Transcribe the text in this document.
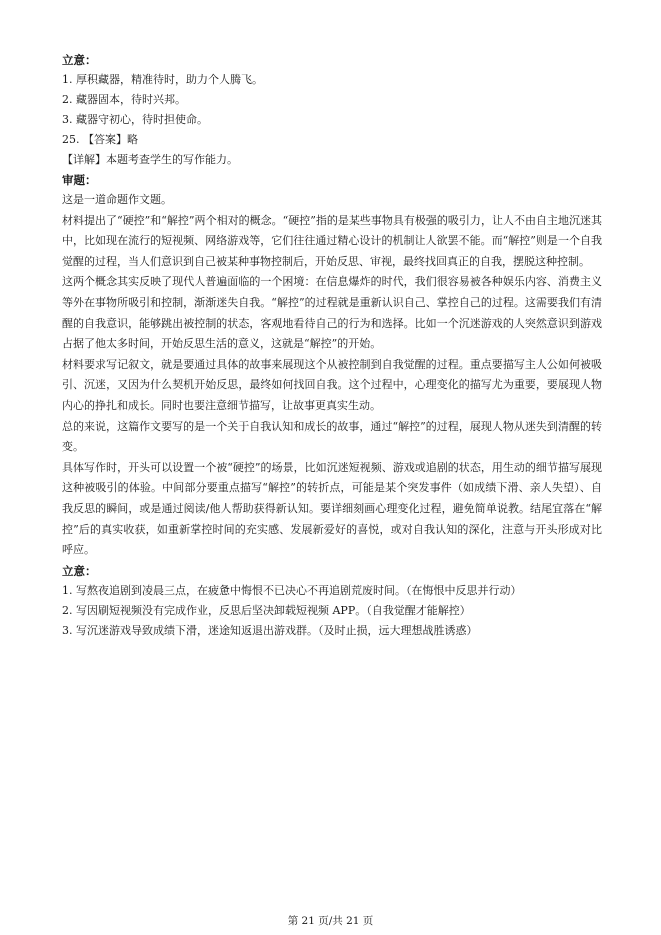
立意：
1. 厚积藏器，精准待时，助力个人腾飞。
2. 藏器固本，待时兴邦。
3. 藏器守初心，待时担使命。
25. 【答案】略
【详解】本题考查学生的写作能力。
审题：
这是一道命题作文题。
材料提出了“硬控”和“解控”两个相对的概念。“硬控”指的是某些事物具有极强的吸引力，让人不由自主地沉迷其中，比如现在流行的短视频、网络游戏等，它们往往通过精心设计的机制让人欲罢不能。而“解控”则是一个自我觉醒的过程，当人们意识到自己被某种事物控制后，开始反思、审视，最终找回真正的自我，摆脱这种控制。
这两个概念其实反映了现代人普遍面临的一个困境：在信息爆炸的时代，我们很容易被各种娱乐内容、消费主义等外在事物所吸引和控制，渐渐迷失自我。“解控”的过程就是重新认识自己、掌控自己的过程。这需要我们有清醒的自我意识，能够跳出被控制的状态，客观地看待自己的行为和选择。比如一个沉迷游戏的人突然意识到游戏占据了他太多时间，开始反思生活的意义，这就是“解控”的开始。
材料要求写记叙文，就是要通过具体的故事来展现这个从被控制到自我觉醒的过程。重点要描写主人公如何被吸引、沉迷，又因为什么契机开始反思，最终如何找回自我。这个过程中，心理变化的描写尤为重要，要展现人物内心的挣扎和成长。同时也要注意细节描写，让故事更真实生动。
总的来说，这篇作文要写的是一个关于自我认知和成长的故事，通过“解控”的过程，展现人物从迷失到清醒的转变。
具体写作时，开头可以设置一个被“硬控”的场景，比如沉迷短视频、游戏或追剧的状态，用生动的细节描写展现这种被吸引的体验。中间部分要重点描写“解控”的转折点，可能是某个突发事件（如成绩下滑、亲人失望）、自我反思的瞬间，或是通过阅读/他人帮助获得新认知。要详细刻画心理变化过程，避免简单说教。结尾宜落在“解控”后的真实收获，如重新掌控时间的充实感、发展新爱好的喜悦，或对自我认知的深化，注意与开头形成对比呼应。
立意：
1. 写熬夜追剧到凌晨三点，在疲惫中悔恨不已决心不再追剧荒废时间。（在悔恨中反思并行动）
2. 写因刷短视频没有完成作业，反思后坚决卸载短视频 APP。（自我觉醒才能解控）
3. 写沉迷游戏导致成绩下滑，迷途知返退出游戏群。（及时止损，远大理想战胜诱惑）
第 21 页/共 21 页
